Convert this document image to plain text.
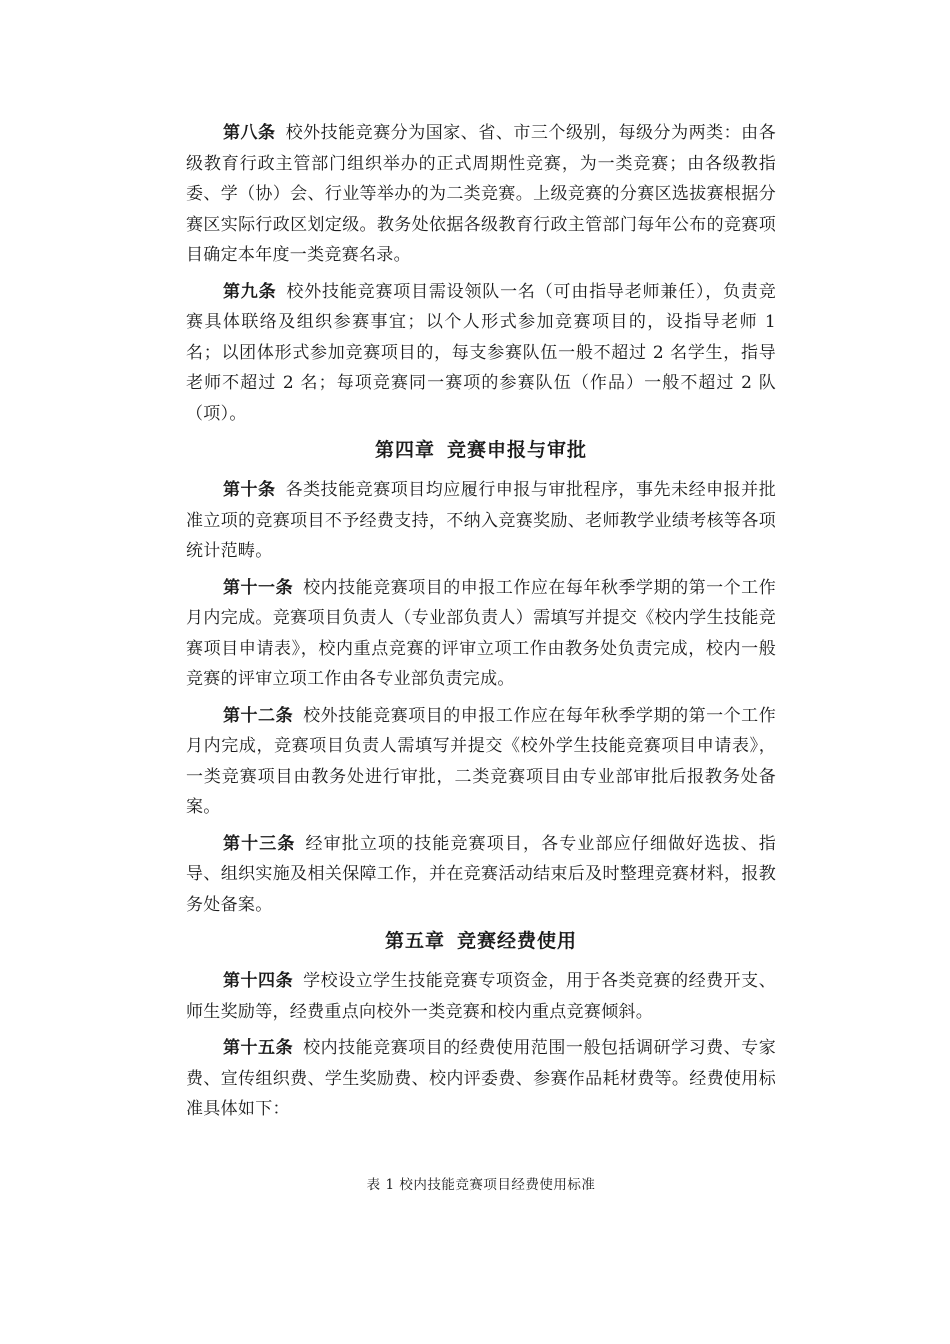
第八条 校外技能竞赛分为国家、省、市三个级别，每级分为两类：由各级教育行政主管部门组织举办的正式周期性竞赛，为一类竞赛；由各级教指委、学（协）会、行业等举办的为二类竞赛。上级竞赛的分赛区选拔赛根据分赛区实际行政区划定级。教务处依据各级教育行政主管部门每年公布的竞赛项目确定本年度一类竞赛名录。

第九条 校外技能竞赛项目需设领队一名（可由指导老师兼任），负责竞赛具体联络及组织参赛事宜；以个人形式参加竞赛项目的，设指导老师 1 名；以团体形式参加竞赛项目的，每支参赛队伍一般不超过 2 名学生，指导老师不超过 2 名；每项竞赛同一赛项的参赛队伍（作品）一般不超过 2 队（项）。

第四章 竞赛申报与审批

第十条 各类技能竞赛项目均应履行申报与审批程序，事先未经申报并批准立项的竞赛项目不予经费支持，不纳入竞赛奖励、老师教学业绩考核等各项统计范畴。

第十一条 校内技能竞赛项目的申报工作应在每年秋季学期的第一个工作月内完成。竞赛项目负责人（专业部负责人）需填写并提交《校内学生技能竞赛项目申请表》，校内重点竞赛的评审立项工作由教务处负责完成，校内一般竞赛的评审立项工作由各专业部负责完成。

第十二条 校外技能竞赛项目的申报工作应在每年秋季学期的第一个工作月内完成，竞赛项目负责人需填写并提交《校外学生技能竞赛项目申请表》，一类竞赛项目由教务处进行审批，二类竞赛项目由专业部审批后报教务处备案。

第十三条 经审批立项的技能竞赛项目，各专业部应仔细做好选拔、指导、组织实施及相关保障工作，并在竞赛活动结束后及时整理竞赛材料，报教务处备案。

第五章 竞赛经费使用

第十四条 学校设立学生技能竞赛专项资金，用于各类竞赛的经费开支、师生奖励等，经费重点向校外一类竞赛和校内重点竞赛倾斜。

第十五条 校内技能竞赛项目的经费使用范围一般包括调研学习费、专家费、宣传组织费、学生奖励费、校内评委费、参赛作品耗材费等。经费使用标准具体如下：

表 1 校内技能竞赛项目经费使用标准
